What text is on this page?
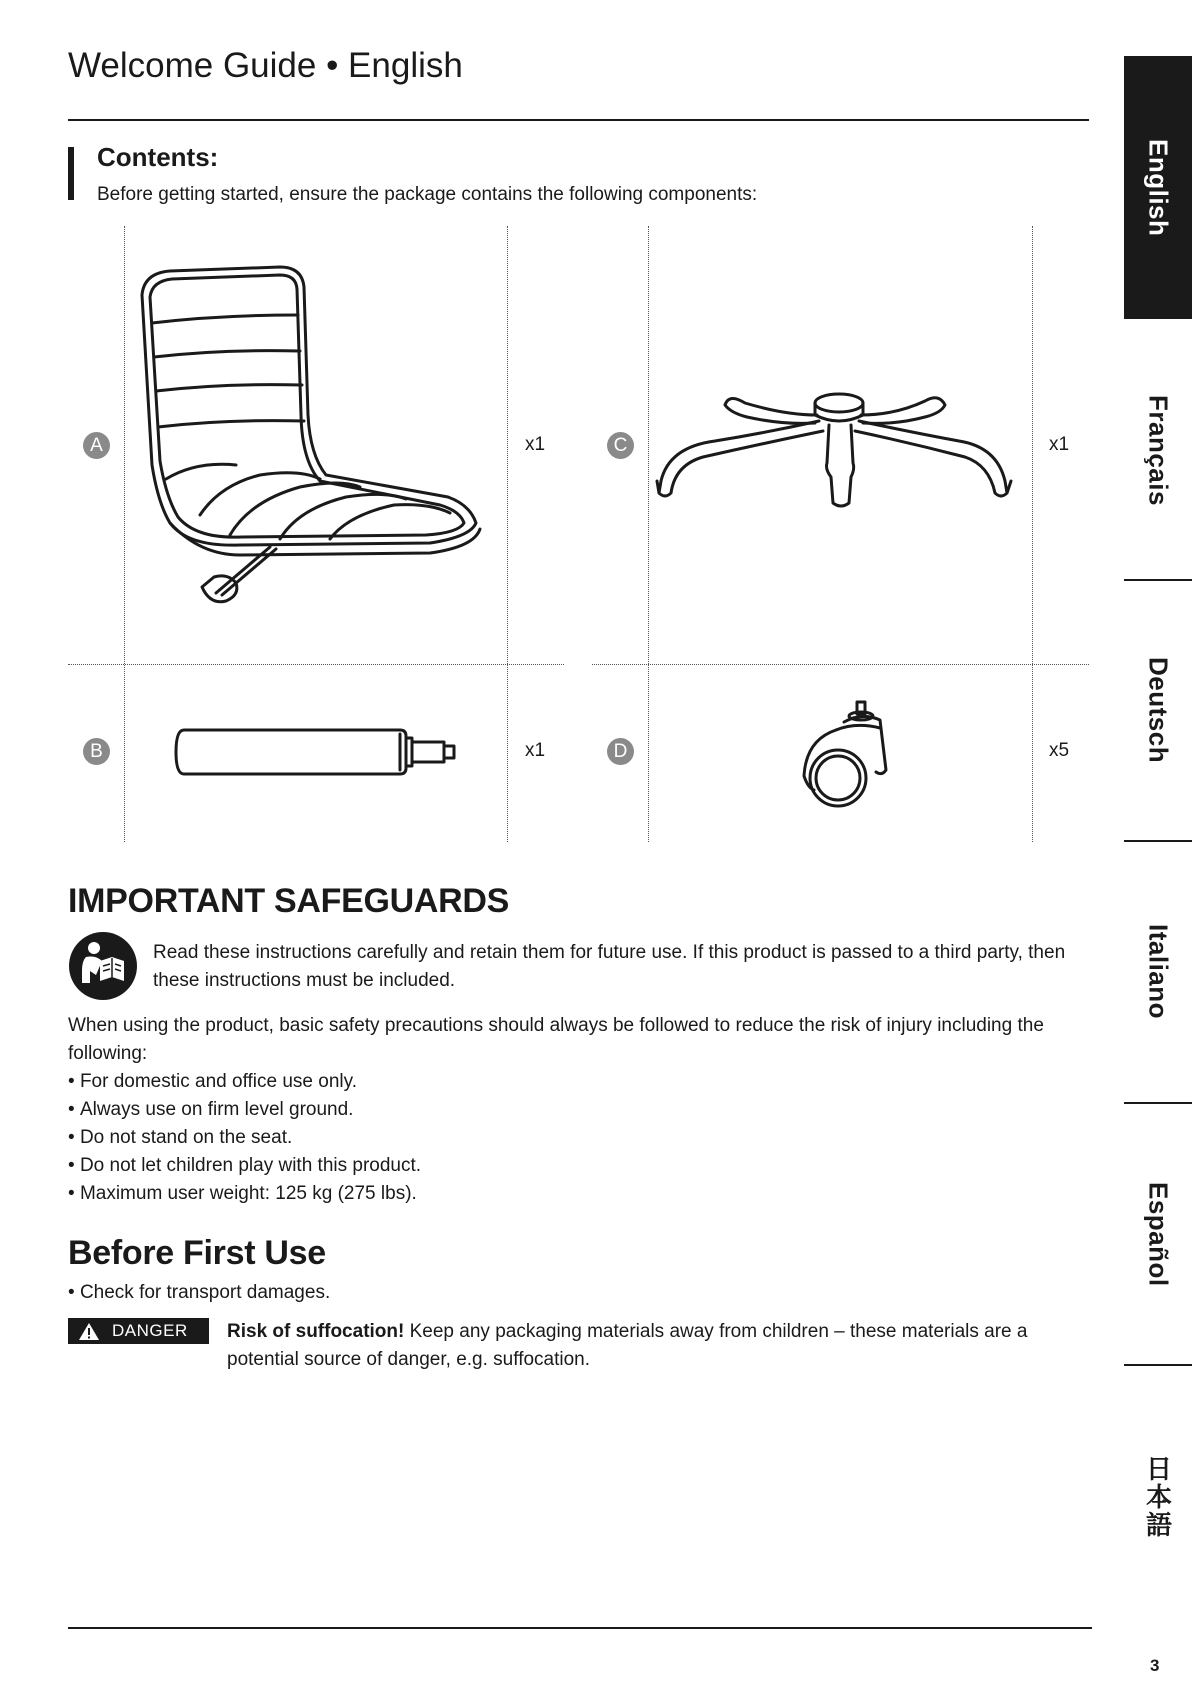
Welcome Guide • English
Contents:
Before getting started, ensure the package contains the following components:
A	x1	C	x1
B	x1	D	x5
IMPORTANT SAFEGUARDS
Read these instructions carefully and retain them for future use. If this product is passed to a third party, then these instructions must be included.
When using the product, basic safety precautions should always be followed to reduce the risk of injury including the following:
• For domestic and office use only.
• Always use on firm level ground.
• Do not stand on the seat.
• Do not let children play with this product.
• Maximum user weight: 125 kg (275 lbs).
Before First Use
• Check for transport damages.
DANGER Risk of suffocation! Keep any packaging materials away from children – these materials are a potential source of danger, e.g. suffocation.
3
English
Français
Deutsch
Italiano
Español
日本語
